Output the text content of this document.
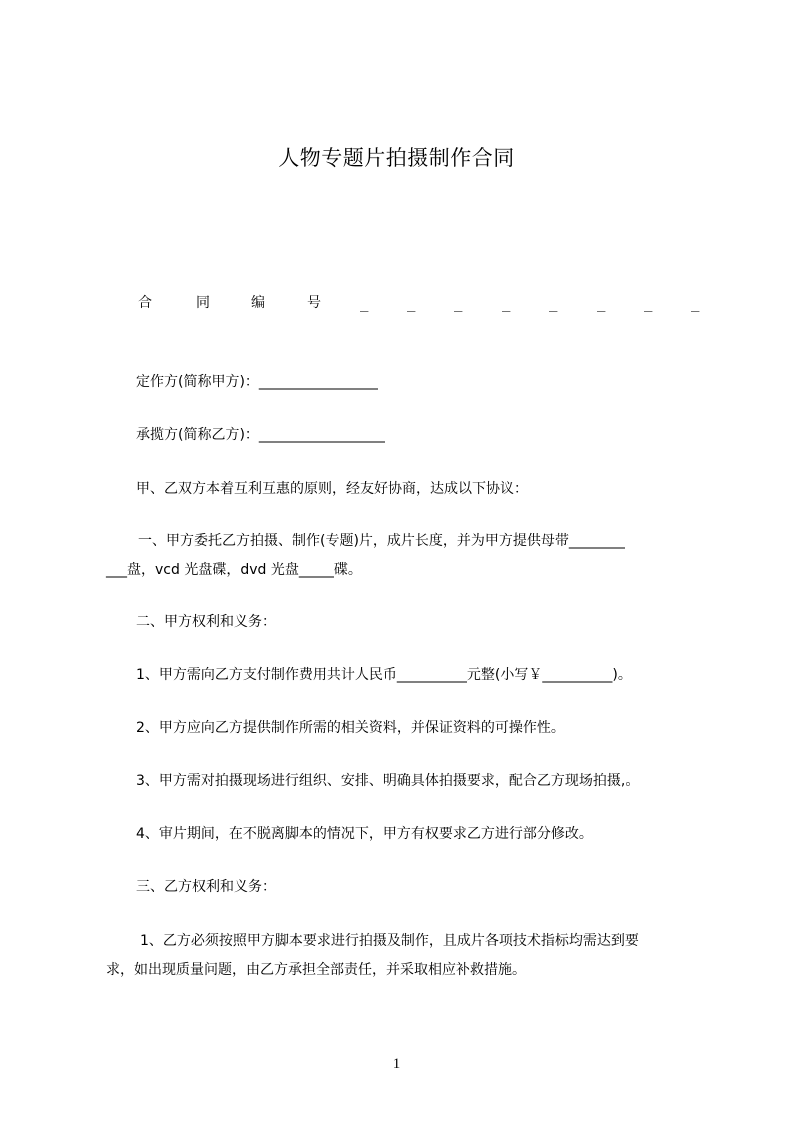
人物专题片拍摄制作合同
合	同	编	号	_	_	_	_	_	_	_	_
定作方(简称甲方)：_________________
承揽方(简称乙方)：__________________
甲、乙双方本着互利互惠的原则，经友好协商，达成以下协议：
一、甲方委托乙方拍摄、制作(专题)片，成片长度，并为甲方提供母带________
___盘，vcd 光盘碟，dvd 光盘_____碟。
二、甲方权利和义务：
1、甲方需向乙方支付制作费用共计人民币__________元整(小写￥__________)。
2、甲方应向乙方提供制作所需的相关资料，并保证资料的可操作性。
3、甲方需对拍摄现场进行组织、安排、明确具体拍摄要求，配合乙方现场拍摄,。
4、审片期间，在不脱离脚本的情况下，甲方有权要求乙方进行部分修改。
三、乙方权利和义务：
1、乙方必须按照甲方脚本要求进行拍摄及制作，且成片各项技术指标均需达到要
求，如出现质量问题，由乙方承担全部责任，并采取相应补救措施。
1
